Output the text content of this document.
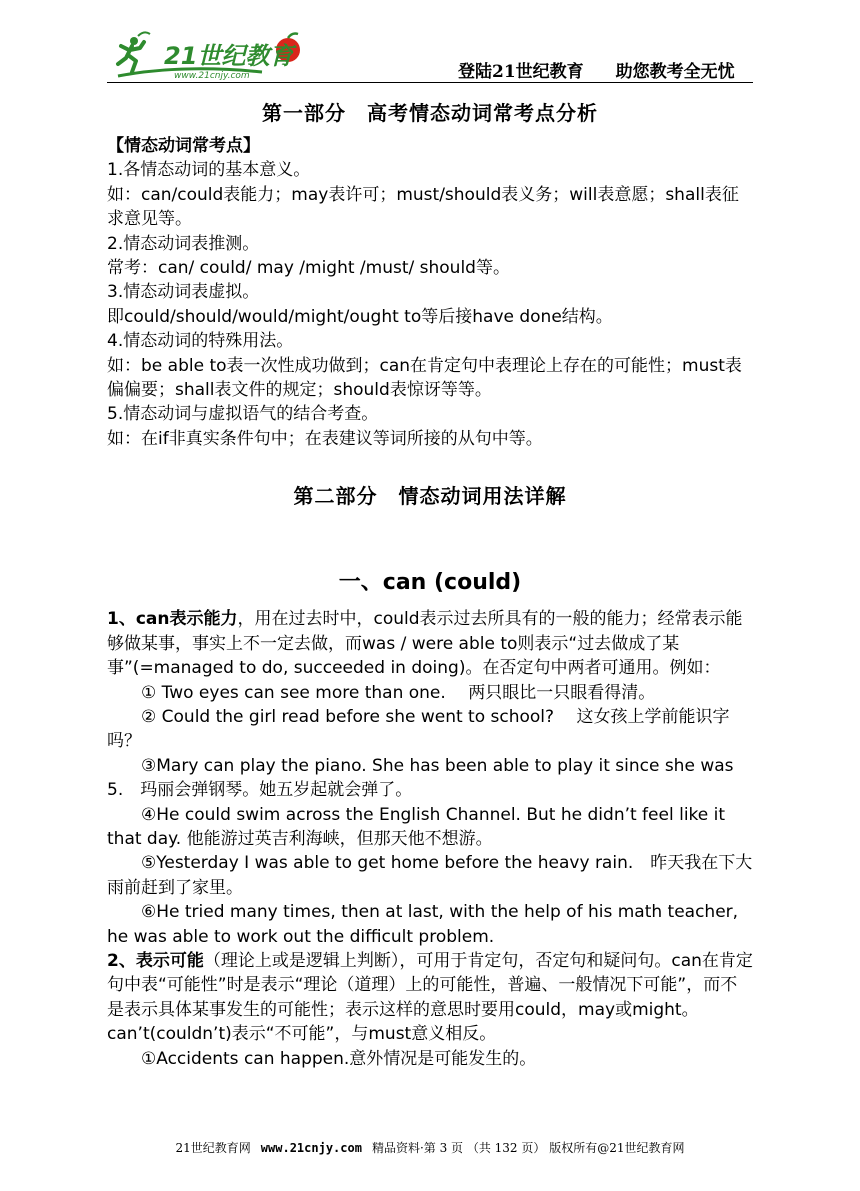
21世纪教育
www.21cnjy.com	登陆21世纪教育 助您教考全无忧

第一部分　高考情态动词常考点分析

【情态动词常考点】

1.各情态动词的基本意义。

如：can/could表能力；may表许可；must/should表义务；will表意愿；shall表征求意见等。

2.情态动词表推测。

常考：can/ could/ may /might /must/ should等。

3.情态动词表虚拟。

即could/should/would/might/ought to等后接have done结构。

4.情态动词的特殊用法。

如：be able to表一次性成功做到；can在肯定句中表理论上存在的可能性；must表偏偏要；shall表文件的规定；should表惊讶等等。

5.情态动词与虚拟语气的结合考查。

如：在if非真实条件句中；在表建议等词所接的从句中等。

第二部分　情态动词用法详解

一、can (could)

1、can表示能力，用在过去时中，could表示过去所具有的一般的能力；经常表示能够做某事，事实上不一定去做，而was / were able to则表示“过去做成了某事”(=managed to do, succeeded in doing)。在否定句中两者可通用。例如：

① Two eyes can see more than one.　 两只眼比一只眼看得清。

② Could the girl read before she went to school?　 这女孩上学前能识字吗？

③Mary can play the piano. She has been able to play it since she was 5.　玛丽会弹钢琴。她五岁起就会弹了。

④He could swim across the English Channel. But he didn’t feel like it that day. 他能游过英吉利海峡，但那天他不想游。

⑤Yesterday I was able to get home before the heavy rain.　昨天我在下大雨前赶到了家里。

⑥He tried many times, then at last, with the help of his math teacher, he was able to work out the difficult problem.

2、表示可能（理论上或是逻辑上判断），可用于肯定句，否定句和疑问句。can在肯定句中表“可能性”时是表示“理论（道理）上的可能性，普遍、一般情况下可能”，而不是表示具体某事发生的可能性；表示这样的意思时要用could，may或might。can’t(couldn’t)表示“不可能”，与must意义相反。

①Accidents can happen.意外情况是可能发生的。

21世纪教育网 www.21cnjy.com 精品资料·第 3 页 （共 132 页） 版权所有@21世纪教育网
